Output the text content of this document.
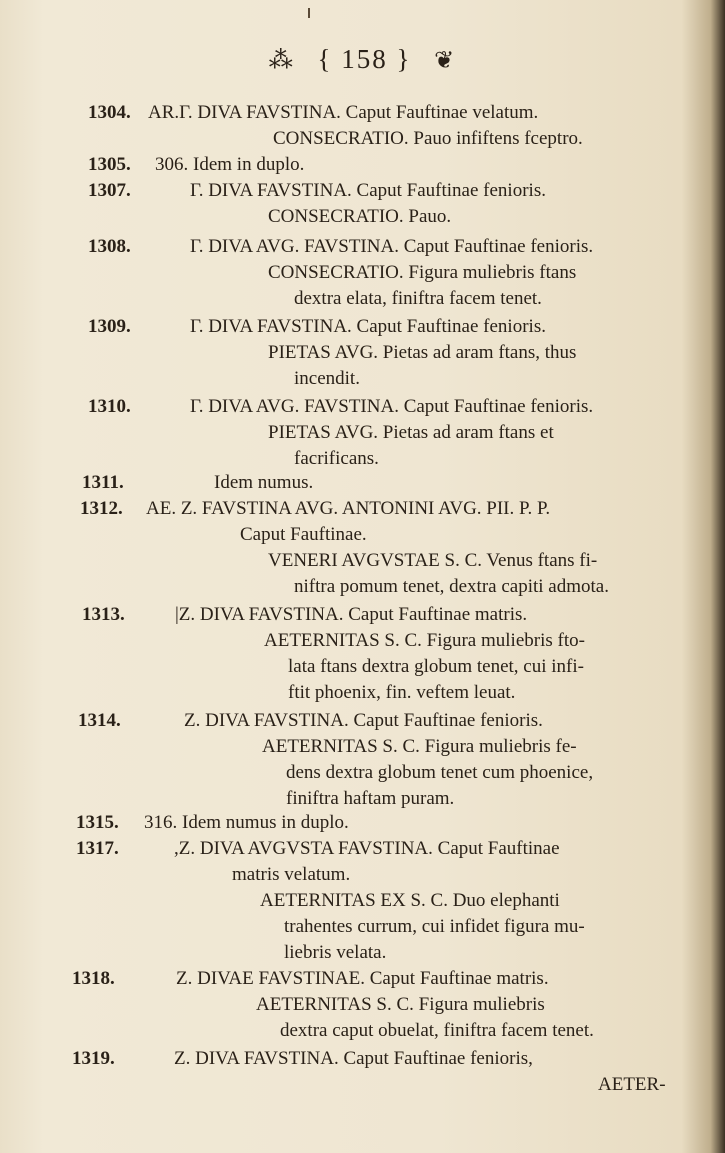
⁂ { 158 } ❦
1304. AR.Γ. DIVA FAVSTINA. Caput Fauftinae velatum.
CONSECRATIO. Pauo infiftens fceptro.
1305. 306. Idem in duplo.
1307.	Γ. DIVA FAVSTINA. Caput Fauftinae fenioris.
CONSECRATIO. Pauo.
1308.	Γ. DIVA AVG. FAVSTINA. Caput Fauftinae fenioris.
CONSECRATIO. Figura muliebris ftans
dextra elata, finiftra facem tenet.
1309.	Γ. DIVA FAVSTINA. Caput Fauftinae fenioris.
PIETAS AVG. Pietas ad aram ftans, thus
incendit.
1310.	Γ. DIVA AVG. FAVSTINA. Caput Fauftinae fenioris.
PIETAS AVG. Pietas ad aram ftans et
facrificans.
1311.	Idem numus.
1312. AE. Z. FAVSTINA AVG. ANTONINI AVG. PII. P. P.
Caput Fauftinae.
VENERI AVGVSTAE S. C. Venus ftans fi-
niftra pomum tenet, dextra capiti admota.
1313.	|Z. DIVA FAVSTINA. Caput Fauftinae matris.
AETERNITAS S. C. Figura muliebris fto-
lata ftans dextra globum tenet, cui infi-
ftit phoenix, fin. veftem leuat.
1314.	Z. DIVA FAVSTINA. Caput Fauftinae fenioris.
AETERNITAS S. C. Figura muliebris fe-
dens dextra globum tenet cum phoenice,
finiftra haftam puram.
1315. 316. Idem numus in duplo.
1317.	,Z. DIVA AVGVSTA FAVSTINA. Caput Fauftinae
matris velatum.
AETERNITAS EX S. C. Duo elephanti
trahentes currum, cui infidet figura mu-
liebris velata.
1318.	Z. DIVAE FAVSTINAE. Caput Fauftinae matris.
AETERNITAS S. C. Figura muliebris
dextra caput obuelat, finiftra facem tenet.
1319.	Z. DIVA FAVSTINA. Caput Fauftinae fenioris,
AETER-
